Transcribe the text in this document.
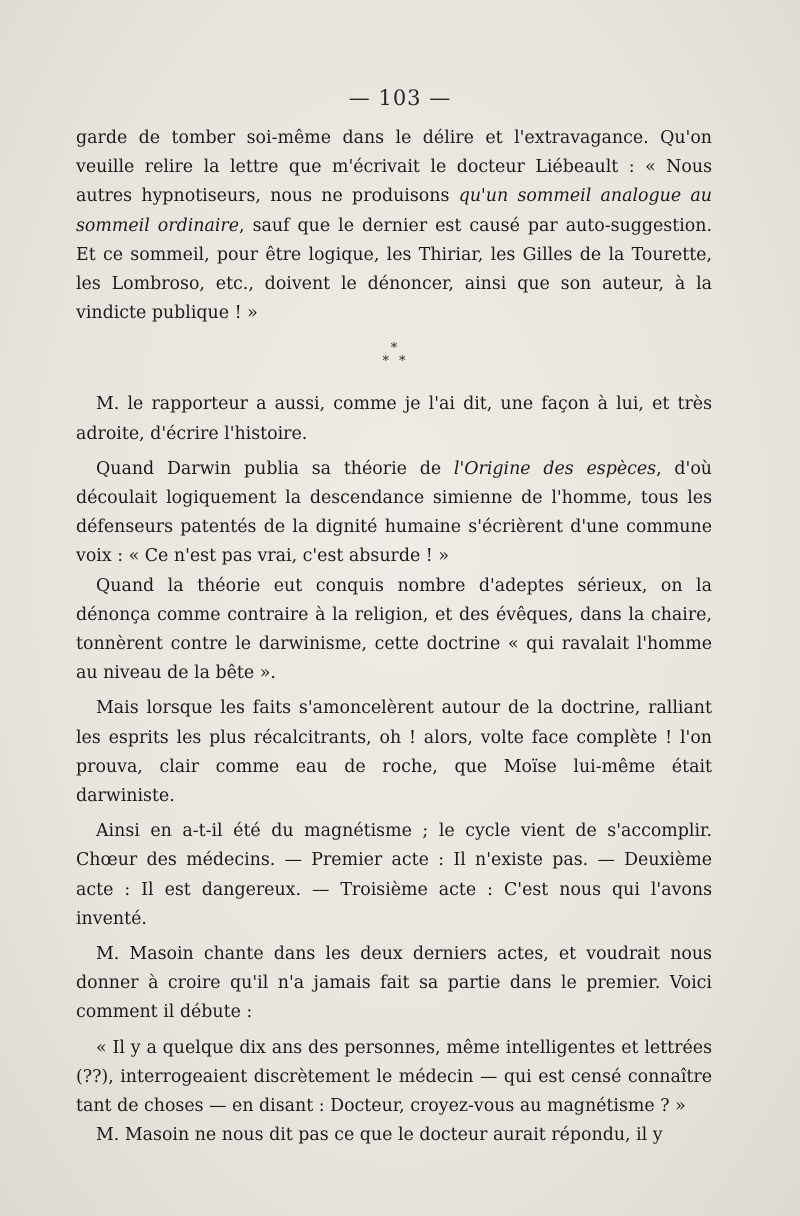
— 103 —

garde de tomber soi-même dans le délire et l'extravagance. Qu'on veuille relire la lettre que m'écrivait le docteur Liébeault : « Nous autres hypnotiseurs, nous ne produisons qu'un sommeil analogue au sommeil ordinaire, sauf que le dernier est causé par auto-suggestion. Et ce sommeil, pour être logique, les Thiriar, les Gilles de la Tourette, les Lombroso, etc., doivent le dénoncer, ainsi que son auteur, à la vindicte publique ! »

*
**

M. le rapporteur a aussi, comme je l'ai dit, une façon à lui, et très adroite, d'écrire l'histoire.

Quand Darwin publia sa théorie de l'Origine des espèces, d'où découlait logiquement la descendance simienne de l'homme, tous les défenseurs patentés de la dignité humaine s'écrièrent d'une commune voix : « Ce n'est pas vrai, c'est absurde ! »

Quand la théorie eut conquis nombre d'adeptes sérieux, on la dénonça comme contraire à la religion, et des évêques, dans la chaire, tonnèrent contre le darwinisme, cette doctrine « qui ravalait l'homme au niveau de la bête ».

Mais lorsque les faits s'amoncelèrent autour de la doctrine, ralliant les esprits les plus récalcitrants, oh ! alors, volte face complète ! l'on prouva, clair comme eau de roche, que Moïse lui-même était darwiniste.

Ainsi en a-t-il été du magnétisme ; le cycle vient de s'accomplir. Chœur des médecins. — Premier acte : Il n'existe pas. — Deuxième acte : Il est dangereux. — Troisième acte : C'est nous qui l'avons inventé.

M. Masoin chante dans les deux derniers actes, et voudrait nous donner à croire qu'il n'a jamais fait sa partie dans le premier. Voici comment il débute :

« Il y a quelque dix ans des personnes, même intelligentes et lettrées (??), interrogeaient discrètement le médecin — qui est censé connaître tant de choses — en disant : Docteur, croyez-vous au magnétisme ? »

M. Masoin ne nous dit pas ce que le docteur aurait répondu, il y
